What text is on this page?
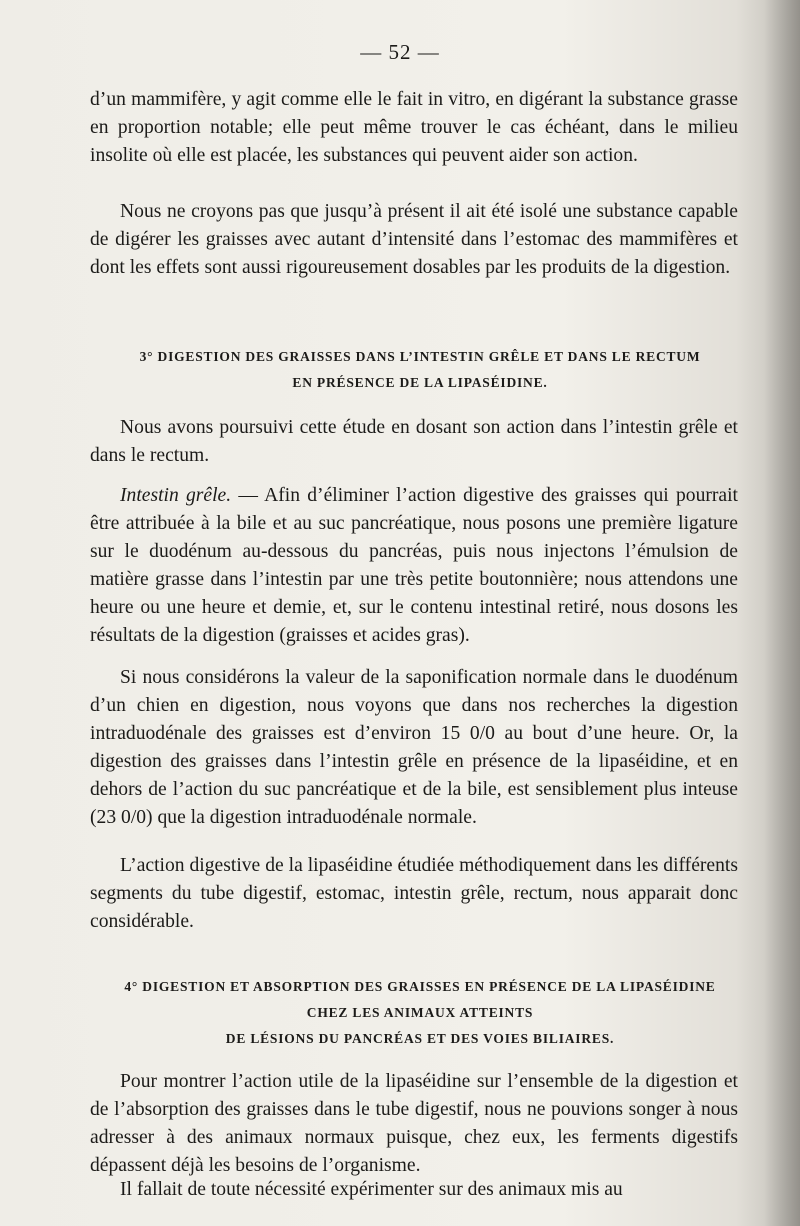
— 52 —

d’un mammifère, y agit comme elle le fait in vitro, en digérant la substance grasse en proportion notable; elle peut même trouver le cas échéant, dans le milieu insolite où elle est placée, les substances qui peuvent aider son action.

Nous ne croyons pas que jusqu’à présent il ait été isolé une substance capable de digérer les graisses avec autant d’intensité dans l’estomac des mammifères et dont les effets sont aussi rigoureusement dosables par les produits de la digestion.

3° DIGESTION DES GRAISSES DANS L’INTESTIN GRÊLE ET DANS LE RECTUM
EN PRÉSENCE DE LA LIPASÉIDINE.

Nous avons poursuivi cette étude en dosant son action dans l’intestin grêle et dans le rectum.

Intestin grêle. — Afin d’éliminer l’action digestive des graisses qui pourrait être attribuée à la bile et au suc pancréatique, nous posons une première ligature sur le duodénum au-dessous du pancréas, puis nous injectons l’émulsion de matière grasse dans l’intestin par une très petite boutonnière; nous attendons une heure ou une heure et demie, et, sur le contenu intestinal retiré, nous dosons les résultats de la digestion (graisses et acides gras).

Si nous considérons la valeur de la saponification normale dans le duodénum d’un chien en digestion, nous voyons que dans nos recherches la digestion intraduodénale des graisses est d’environ 15 0/0 au bout d’une heure. Or, la digestion des graisses dans l’intestin grêle en présence de la lipaséidine, et en dehors de l’action du suc pancréatique et de la bile, est sensiblement plus inteuse (23 0/0) que la digestion intraduodénale normale.

L’action digestive de la lipaséidine étudiée méthodiquement dans les différents segments du tube digestif, estomac, intestin grêle, rectum, nous apparait donc considérable.

4° DIGESTION ET ABSORPTION DES GRAISSES EN PRÉSENCE DE LA LIPASÉIDINE
CHEZ LES ANIMAUX ATTEINTS
DE LÉSIONS DU PANCRÉAS ET DES VOIES BILIAIRES.

Pour montrer l’action utile de la lipaséidine sur l’ensemble de la digestion et de l’absorption des graisses dans le tube digestif, nous ne pouvions songer à nous adresser à des animaux normaux puisque, chez eux, les ferments digestifs dépassent déjà les besoins de l’organisme.

Il fallait de toute nécessité expérimenter sur des animaux mis au
